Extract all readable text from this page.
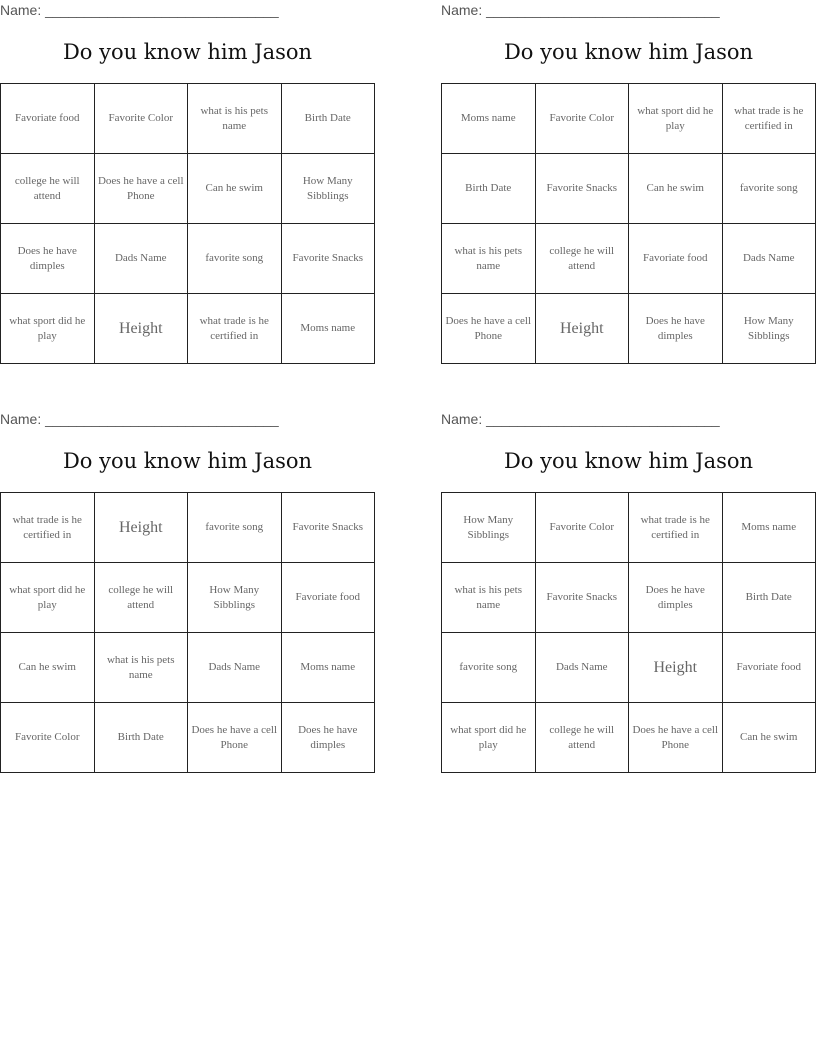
Name: ______________________________
Do you know him Jason
Favoriate food	Favorite Color	what is his pets name	Birth Date
college he will attend	Does he have a cell Phone	Can he swim	How Many Sibblings
Does he have dimples	Dads Name	favorite song	Favorite Snacks
what sport did he play	Height	what trade is he certified in	Moms name
Name: ______________________________
Do you know him Jason
Moms name	Favorite Color	what sport did he play	what trade is he certified in
Birth Date	Favorite Snacks	Can he swim	favorite song
what is his pets name	college he will attend	Favoriate food	Dads Name
Does he have a cell Phone	Height	Does he have dimples	How Many Sibblings
Name: ______________________________
Do you know him Jason
what trade is he certified in	Height	favorite song	Favorite Snacks
what sport did he play	college he will attend	How Many Sibblings	Favoriate food
Can he swim	what is his pets name	Dads Name	Moms name
Favorite Color	Birth Date	Does he have a cell Phone	Does he have dimples
Name: ______________________________
Do you know him Jason
How Many Sibblings	Favorite Color	what trade is he certified in	Moms name
what is his pets name	Favorite Snacks	Does he have dimples	Birth Date
favorite song	Dads Name	Height	Favoriate food
what sport did he play	college he will attend	Does he have a cell Phone	Can he swim
